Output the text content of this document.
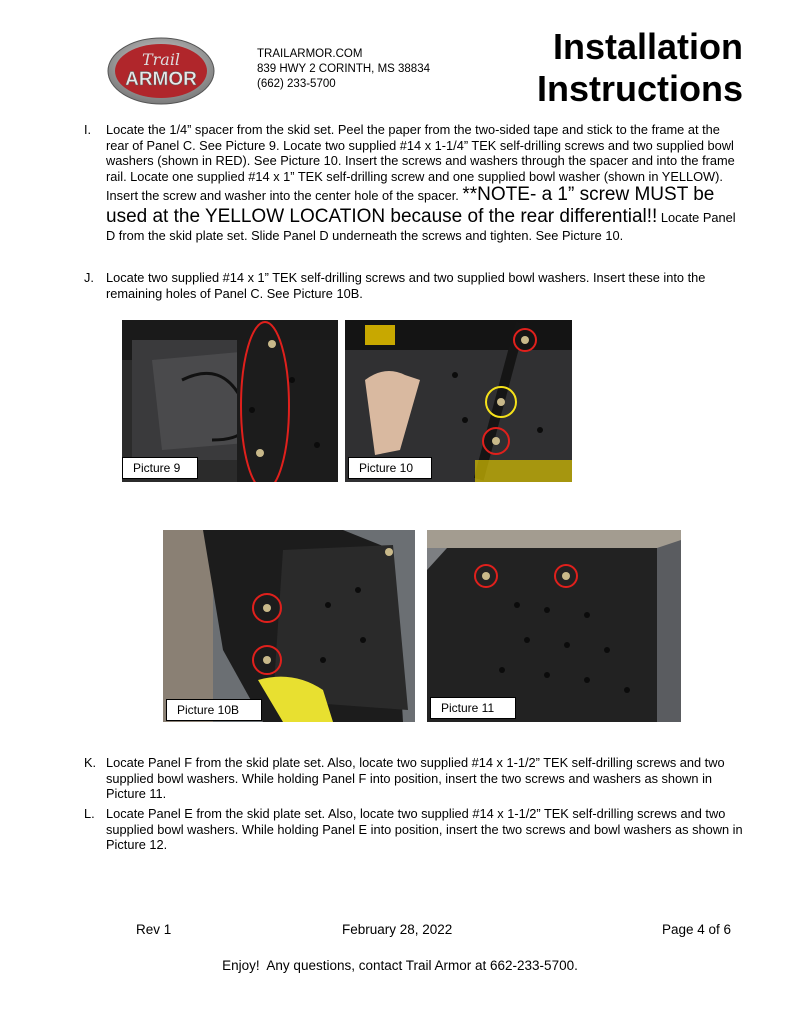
Trail
ARMOR
TRAILARMOR.COM
839 HWY 2 CORINTH, MS 38834
(662) 233-5700
Installation
Instructions
I. Locate the 1/4” spacer from the skid set. Peel the paper from the two-sided tape and stick to the frame at the rear of Panel C. See Picture 9. Locate two supplied #14 x 1-1/4” TEK self-drilling screws and two supplied bowl washers (shown in RED). See Picture 10. Insert the screws and washers through the spacer and into the frame rail. Locate one supplied #14 x 1” TEK self-drilling screw and one supplied bowl washer (shown in YELLOW). Insert the screw and washer into the center hole of the spacer. **NOTE- a 1” screw MUST be used at the YELLOW LOCATION because of the rear differential!! Locate Panel D from the skid plate set. Slide Panel D underneath the screws and tighten. See Picture 10.
J. Locate two supplied #14 x 1” TEK self-drilling screws and two supplied bowl washers. Insert these into the remaining holes of Panel C. See Picture 10B.
Picture 9	Picture 10
Picture 10B	Picture 11
K. Locate Panel F from the skid plate set. Also, locate two supplied #14 x 1-1/2” TEK self-drilling screws and two supplied bowl washers. While holding Panel F into position, insert the two screws and washers as shown in Picture 11.
L. Locate Panel E from the skid plate set. Also, locate two supplied #14 x 1-1/2” TEK self-drilling screws and two supplied bowl washers. While holding Panel E into position, insert the two screws and bowl washers as shown in Picture 12.
Rev 1	February 28, 2022	Page 4 of 6
Enjoy!  Any questions, contact Trail Armor at 662-233-5700.
